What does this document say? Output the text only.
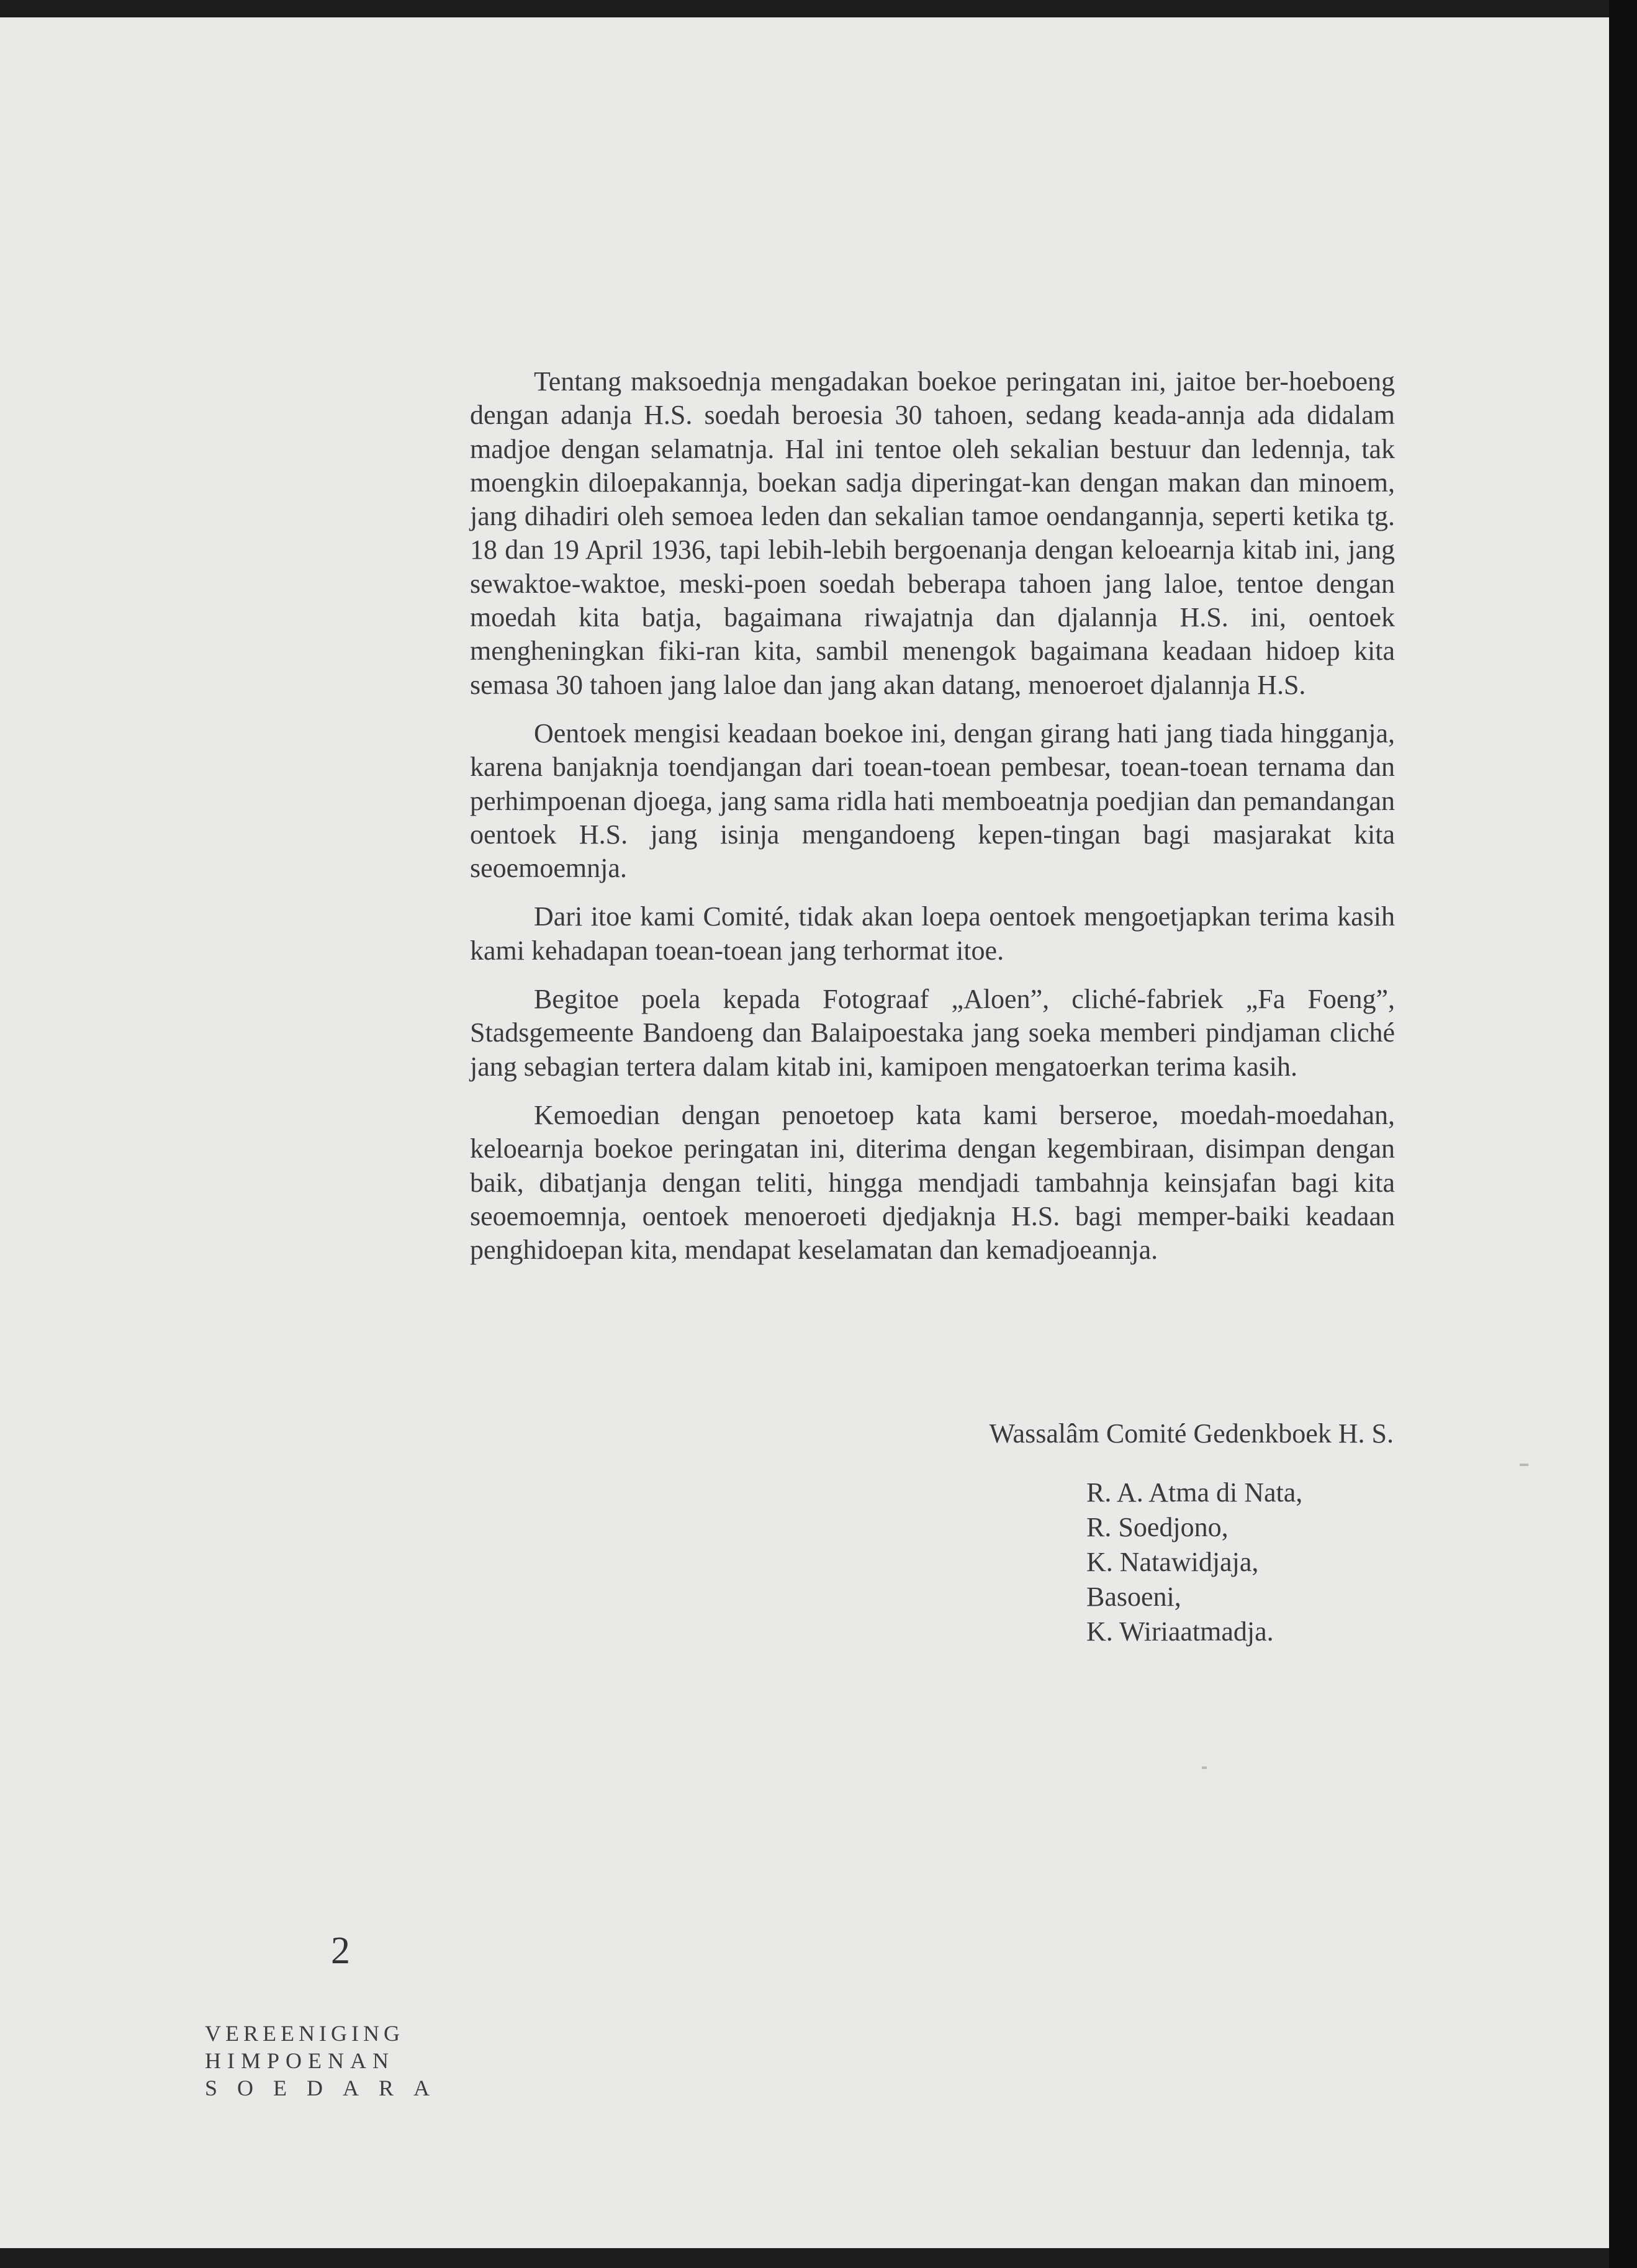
Tentang maksoednja mengadakan boekoe peringatan ini, jaitoe ber-hoeboeng dengan adanja H.S. soedah beroesia 30 tahoen, sedang keada-annja ada didalam madjoe dengan selamatnja. Hal ini tentoe oleh sekalian bestuur dan ledennja, tak moengkin diloepakannja, boekan sadja diperingat-kan dengan makan dan minoem, jang dihadiri oleh semoea leden dan sekalian tamoe oendangannja, seperti ketika tg. 18 dan 19 April 1936, tapi lebih-lebih bergoenanja dengan keloearnja kitab ini, jang sewaktoe-waktoe, meski-poen soedah beberapa tahoen jang laloe, tentoe dengan moedah kita batja, bagaimana riwajatnja dan djalannja H.S. ini, oentoek mengheningkan fiki-ran kita, sambil menengok bagaimana keadaan hidoep kita semasa 30 tahoen jang laloe dan jang akan datang, menoeroet djalannja H.S.

Oentoek mengisi keadaan boekoe ini, dengan girang hati jang tiada hingganja, karena banjaknja toendjangan dari toean-toean pembesar, toean-toean ternama dan perhimpoenan djoega, jang sama ridla hati memboeatnja poedjian dan pemandangan oentoek H.S. jang isinja mengandoeng kepen-tingan bagi masjarakat kita seoemoemnja.

Dari itoe kami Comité, tidak akan loepa oentoek mengoetjapkan terima kasih kami kehadapan toean-toean jang terhormat itoe.

Begitoe poela kepada Fotograaf „Aloen”, cliché-fabriek „Fa Foeng”, Stadsgemeente Bandoeng dan Balaipoestaka jang soeka memberi pindjaman cliché jang sebagian tertera dalam kitab ini, kamipoen mengatoerkan terima kasih.

Kemoedian dengan penoetoep kata kami berseroe, moedah-moedahan, keloearnja boekoe peringatan ini, diterima dengan kegembiraan, disimpan dengan baik, dibatjanja dengan teliti, hingga mendjadi tambahnja keinsjafan bagi kita seoemoemnja, oentoek menoeroeti djedjaknja H.S. bagi memper-baiki keadaan penghidoepan kita, mendapat keselamatan dan kemadjoeannja.

Wassalâm Comité Gedenkboek H. S.
R. A. Atma di Nata,
R. Soedjono,
K. Natawidjaja,
Basoeni,
K. Wiriaatmadja.
2
VEREENIGING
HIMPOENAN
SOEDARA
